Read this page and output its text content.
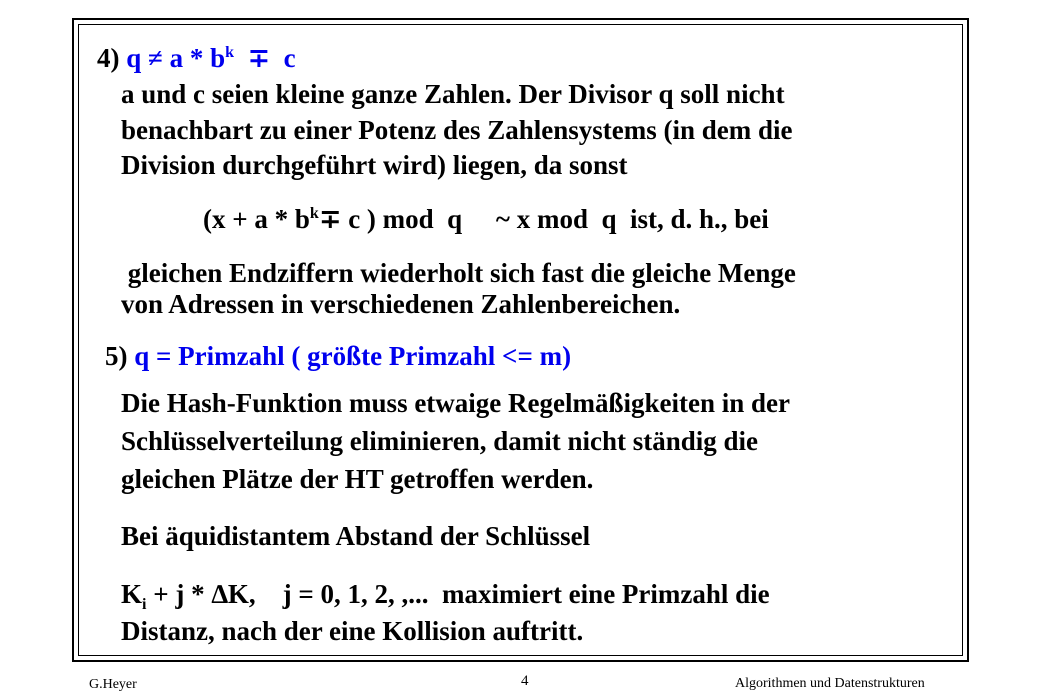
4) $q \ne a * b^k \mp c$
a und c seien kleine ganze Zahlen. Der Divisor q soll nicht
benachbart zu einer Potenz des Zahlensystems (in dem die
Division durchgeführt wird) liegen, da sonst
($x + a * b^k\mp c$ ) mod  q     ~ x mod  q  ist, d. h., bei
gleichen Endziffern wiederholt sich fast die gleiche Menge
von Adressen in verschiedenen Zahlenbereichen.
5) q = Primzahl ( größte Primzahl <= m)
Die Hash-Funktion muss etwaige Regelmäßigkeiten in der
Schlüsselverteilung eliminieren, damit nicht ständig die
gleichen Plätze der HT getroffen werden.
Bei äquidistantem Abstand der Schlüssel
$K_i + j * \Delta K$,    j = 0, 1, 2, ,...  maximiert eine Primzahl die
Distanz, nach der eine Kollision auftritt.
G.Heyer	4	Algorithmen und Datenstrukturen
